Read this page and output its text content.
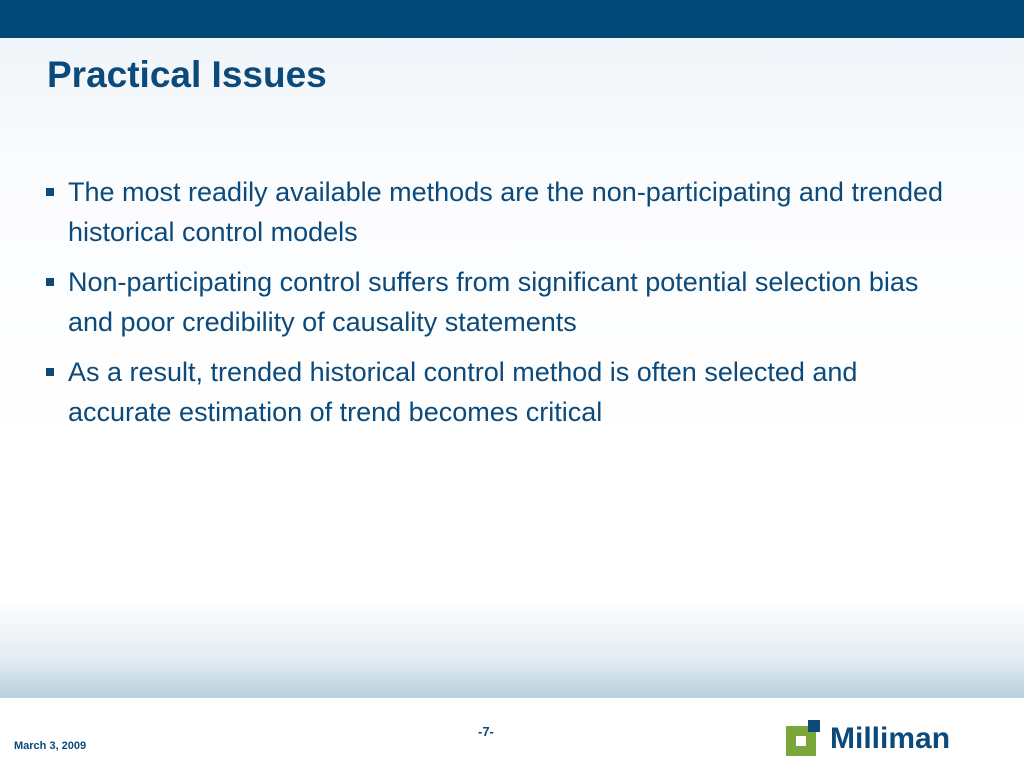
Practical Issues
The most readily available methods are the non-participating and trended historical control models
Non-participating control suffers from significant potential selection bias and poor credibility of causality statements
As a result, trended historical control method is often selected and accurate estimation of trend becomes critical
March 3, 2009
-7-	Milliman
